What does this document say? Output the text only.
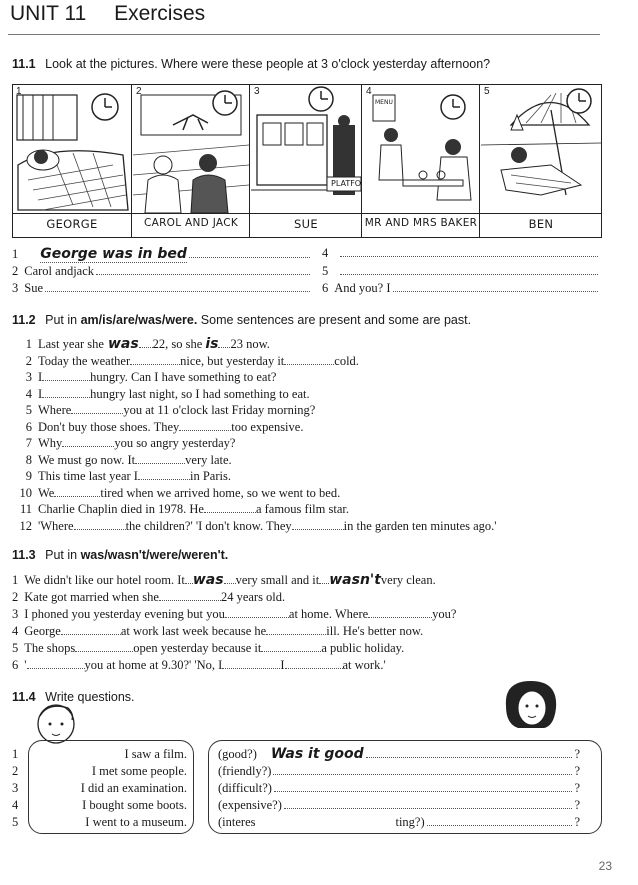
UNIT 11 Exercises
11.1 Look at the pictures. Where were these people at 3 o'clock yesterday afternoon?
1	2	3
PLATFO
4
MENU
5
GEORGE	CAROL AND JACK	SUE	MR AND MRS BAKER	BEN
1 George was in bed
2 Carol andjack
3 Sue
4
5
6 And you? I
11.2 Put in am/is/are/was/were. Some sentences are present and some are past.
1 Last year she was 22, so she is 23 now.
2 Today the weather	nice, but yesterday it	cold.
3 I	hungry. Can I have something to eat?
4 I	hungry last night, so I had something to eat.
5 Where	you at 11 o'clock last Friday morning?
6 Don't buy those shoes. They	too expensive.
7 Why	you so angry yesterday?
8 We must go now. It	very late.
9 This time last year I	in Paris.
10 We	tired when we arrived home, so we went to bed.
11 Charlie Chaplin died in 1978. He	a famous film star.
12 'Where	the children?' 'I don't know. They	in the garden ten minutes ago.'
11.3 Put in was/wasn't/were/weren't.
1 We didn't like our hotel room. It was very small and it wasn't very clean.
2 Kate got married when she	24 years old.
3 I phoned you yesterday evening but you	at home. Where	you?
4 George	at work last week because he	ill. He's better now.
5 The shops	open yesterday because it	a public holiday.
6 '	you at home at 9.30?' 'No, I	I	at work.'
11.4 Write questions.
1	I saw a film.
2	I met some people.
3	I did an examination.
4	I bought some boots.
5	I went to a museum.
(good?) Was it good	?
(friendly?)	?
(difficult?)	?
(expensive?)	?
(interes	ting?)	?
23
